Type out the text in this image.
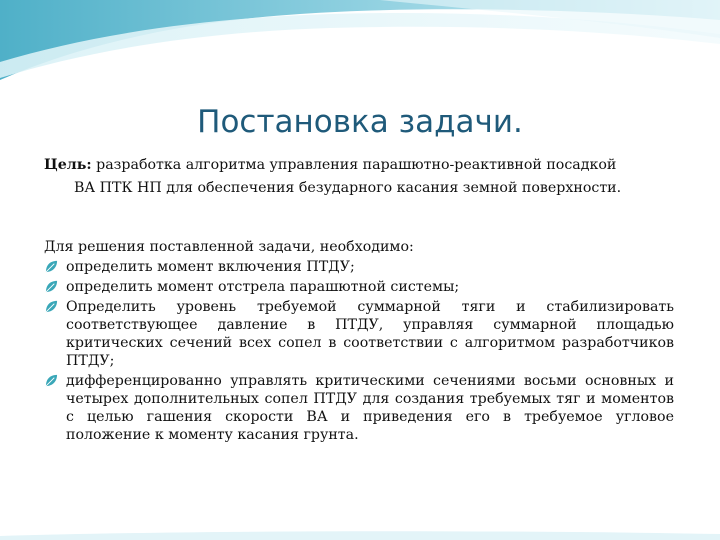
Постановка задачи.
Цель: разработка алгоритма управления парашютно-реактивной посадкой
ВА ПТК НП для обеспечения безударного касания земной поверхности.

Для решения поставленной задачи, необходимо:

определить момент включения ПТДУ;
определить момент отстрела парашютной системы;
Определить уровень требуемой суммарной тяги и стабилизировать соответствующее давление в ПТДУ, управляя суммарной площадью критических сечений всех сопел в соответствии с алгоритмом разработчиков ПТДУ;
дифференцированно управлять критическими сечениями восьми основных и четырех дополнительных сопел ПТДУ для создания требуемых тяг и моментов с целью гашения скорости ВА и приведения его в требуемое угловое положение к моменту касания грунта.
